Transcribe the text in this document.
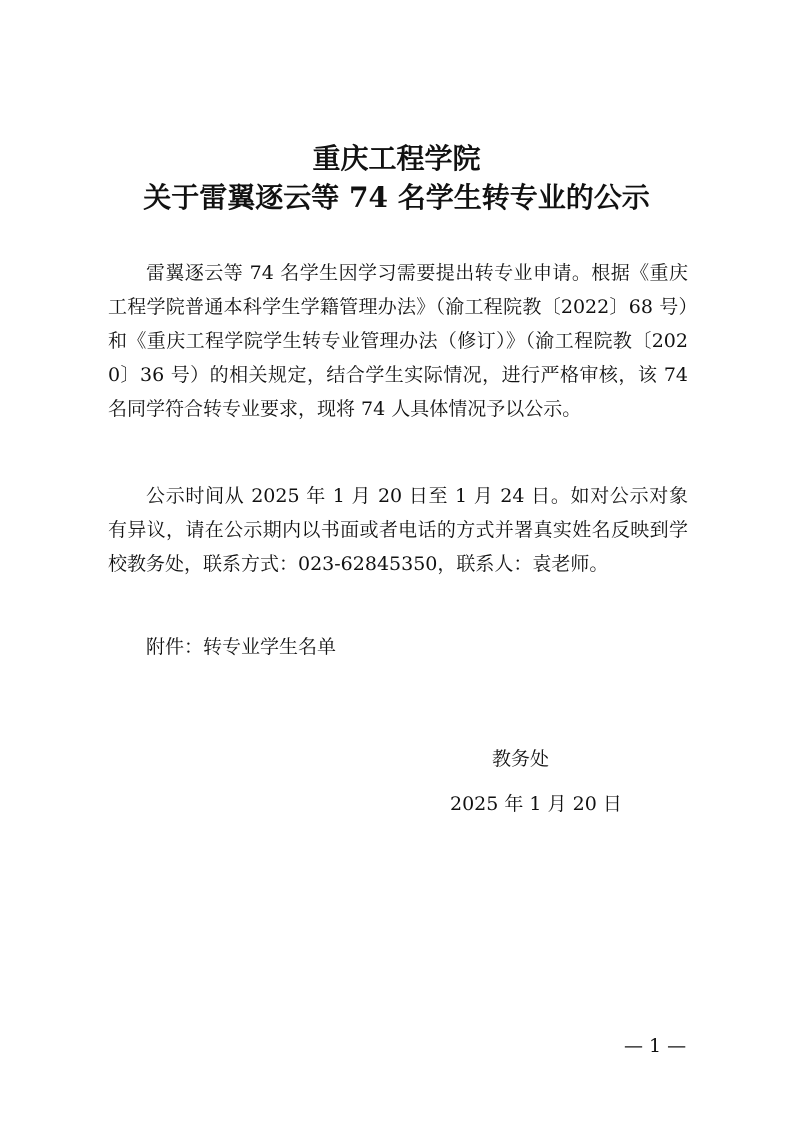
重庆工程学院
关于雷翼逐云等 74 名学生转专业的公示

雷翼逐云等 74 名学生因学习需要提出转专业申请。根据《重庆工程学院普通本科学生学籍管理办法》（渝工程院教〔2022〕68 号）和《重庆工程学院学生转专业管理办法（修订）》（渝工程院教〔2020〕36 号）的相关规定，结合学生实际情况，进行严格审核，该 74 名同学符合转专业要求，现将 74 人具体情况予以公示。

公示时间从 2025 年 1 月 20 日至 1 月 24 日。如对公示对象有异议，请在公示期内以书面或者电话的方式并署真实姓名反映到学校教务处，联系方式：023-62845350，联系人：袁老师。

附件：转专业学生名单

教务处

2025 年 1 月 20 日

— 1 —
